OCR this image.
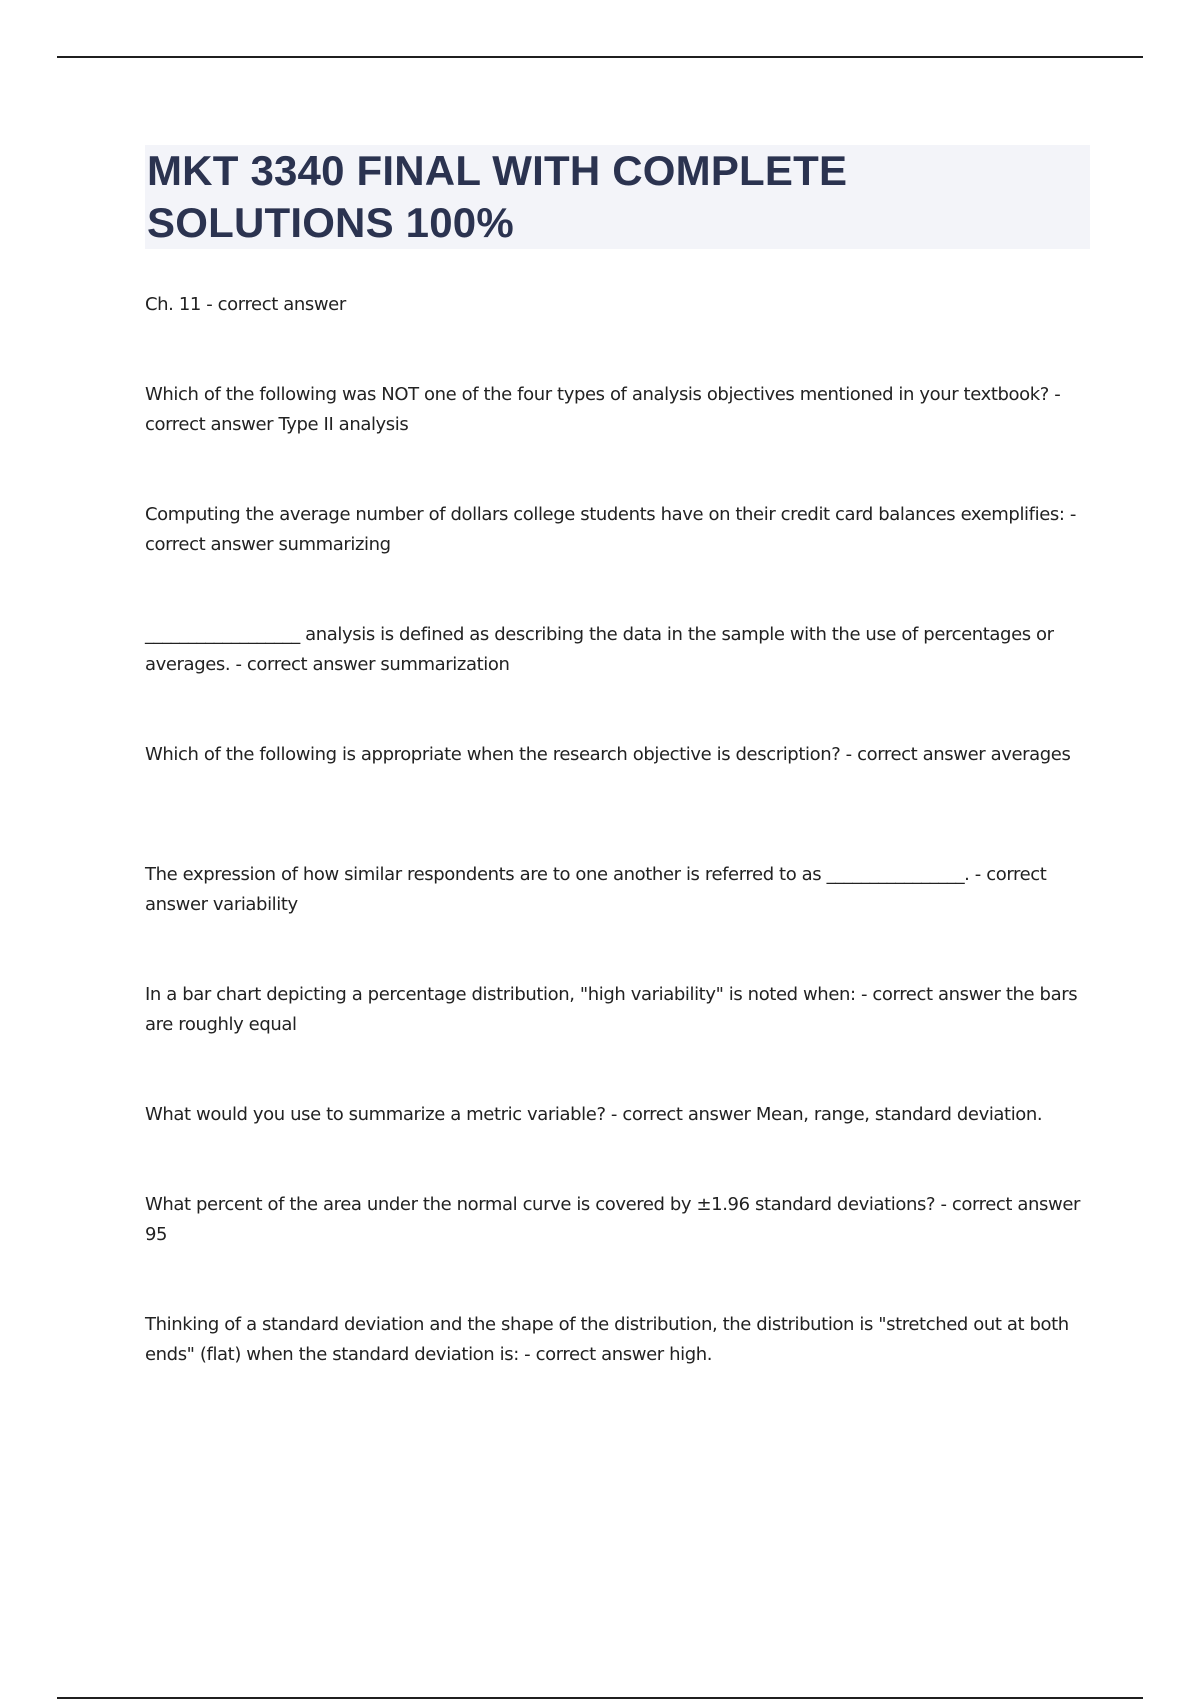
MKT 3340 FINAL WITH COMPLETE SOLUTIONS 100%

Ch. 11 - correct answer

Which of the following was NOT one of the four types of analysis objectives mentioned in your textbook? - correct answer Type II analysis

Computing the average number of dollars college students have on their credit card balances exemplifies: - correct answer summarizing

__________________ analysis is defined as describing the data in the sample with the use of percentages or averages. - correct answer summarization

Which of the following is appropriate when the research objective is description? - correct answer averages

The expression of how similar respondents are to one another is referred to as ________________. - correct answer variability

In a bar chart depicting a percentage distribution, "high variability" is noted when: - correct answer the bars are roughly equal

What would you use to summarize a metric variable? - correct answer Mean, range, standard deviation.

What percent of the area under the normal curve is covered by ±1.96 standard deviations? - correct answer 95

Thinking of a standard deviation and the shape of the distribution, the distribution is "stretched out at both ends" (flat) when the standard deviation is: - correct answer high.
